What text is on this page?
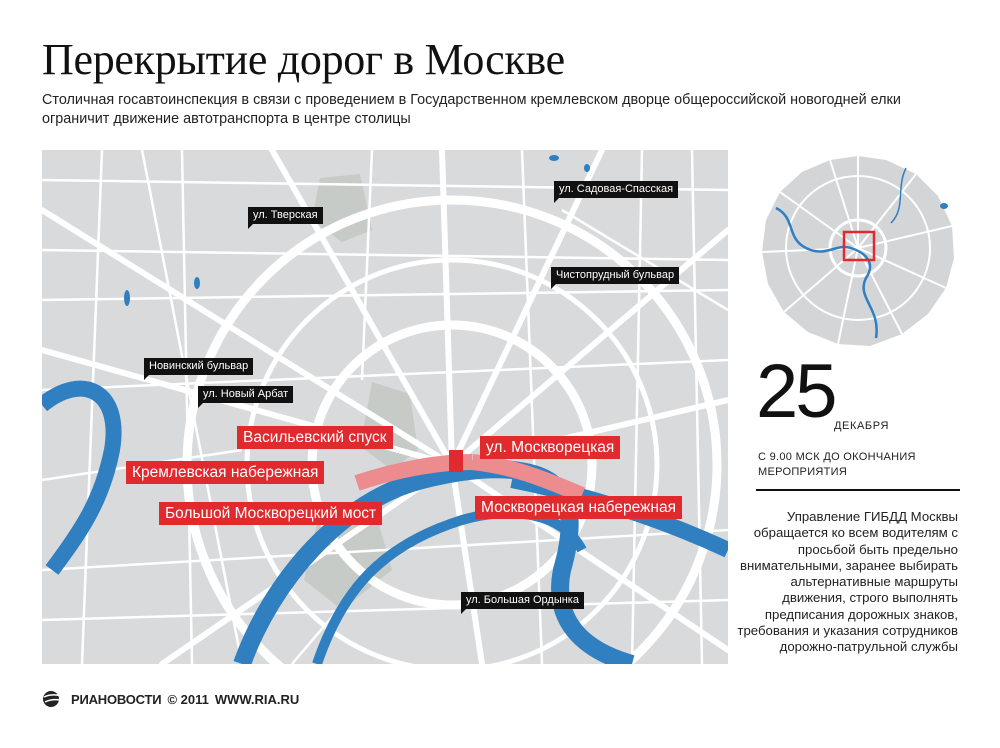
Перекрытие дорог в Москве
Столичная госавтоинспекция в связи с проведением в Государственном кремлевском дворце общероссийской новогодней елки ограничит движение автотранспорта в центре столицы
ул. Тверская
ул. Садовая-Спасская
Чистопрудный бульвар
Новинский бульвар
ул. Новый Арбат
ул. Большая Ордынка
Васильевский спуск
ул. Москворецкая
Кремлевская набережная
Большой Москворецкий мост	Москворецкая набережная
25 ДЕКАБРЯ
С 9.00 МСК ДО ОКОНЧАНИЯ МЕРОПРИЯТИЯ
Управление ГИБДД Москвы обращается ко всем водителям с просьбой быть предельно внимательными, заранее выбирать альтернативные маршруты движения, строго выполнять предписания дорожных знаков, требования и указания сотрудников дорожно-патрульной службы
РИАНОВОСТИ © 2011 WWW.RIA.RU
